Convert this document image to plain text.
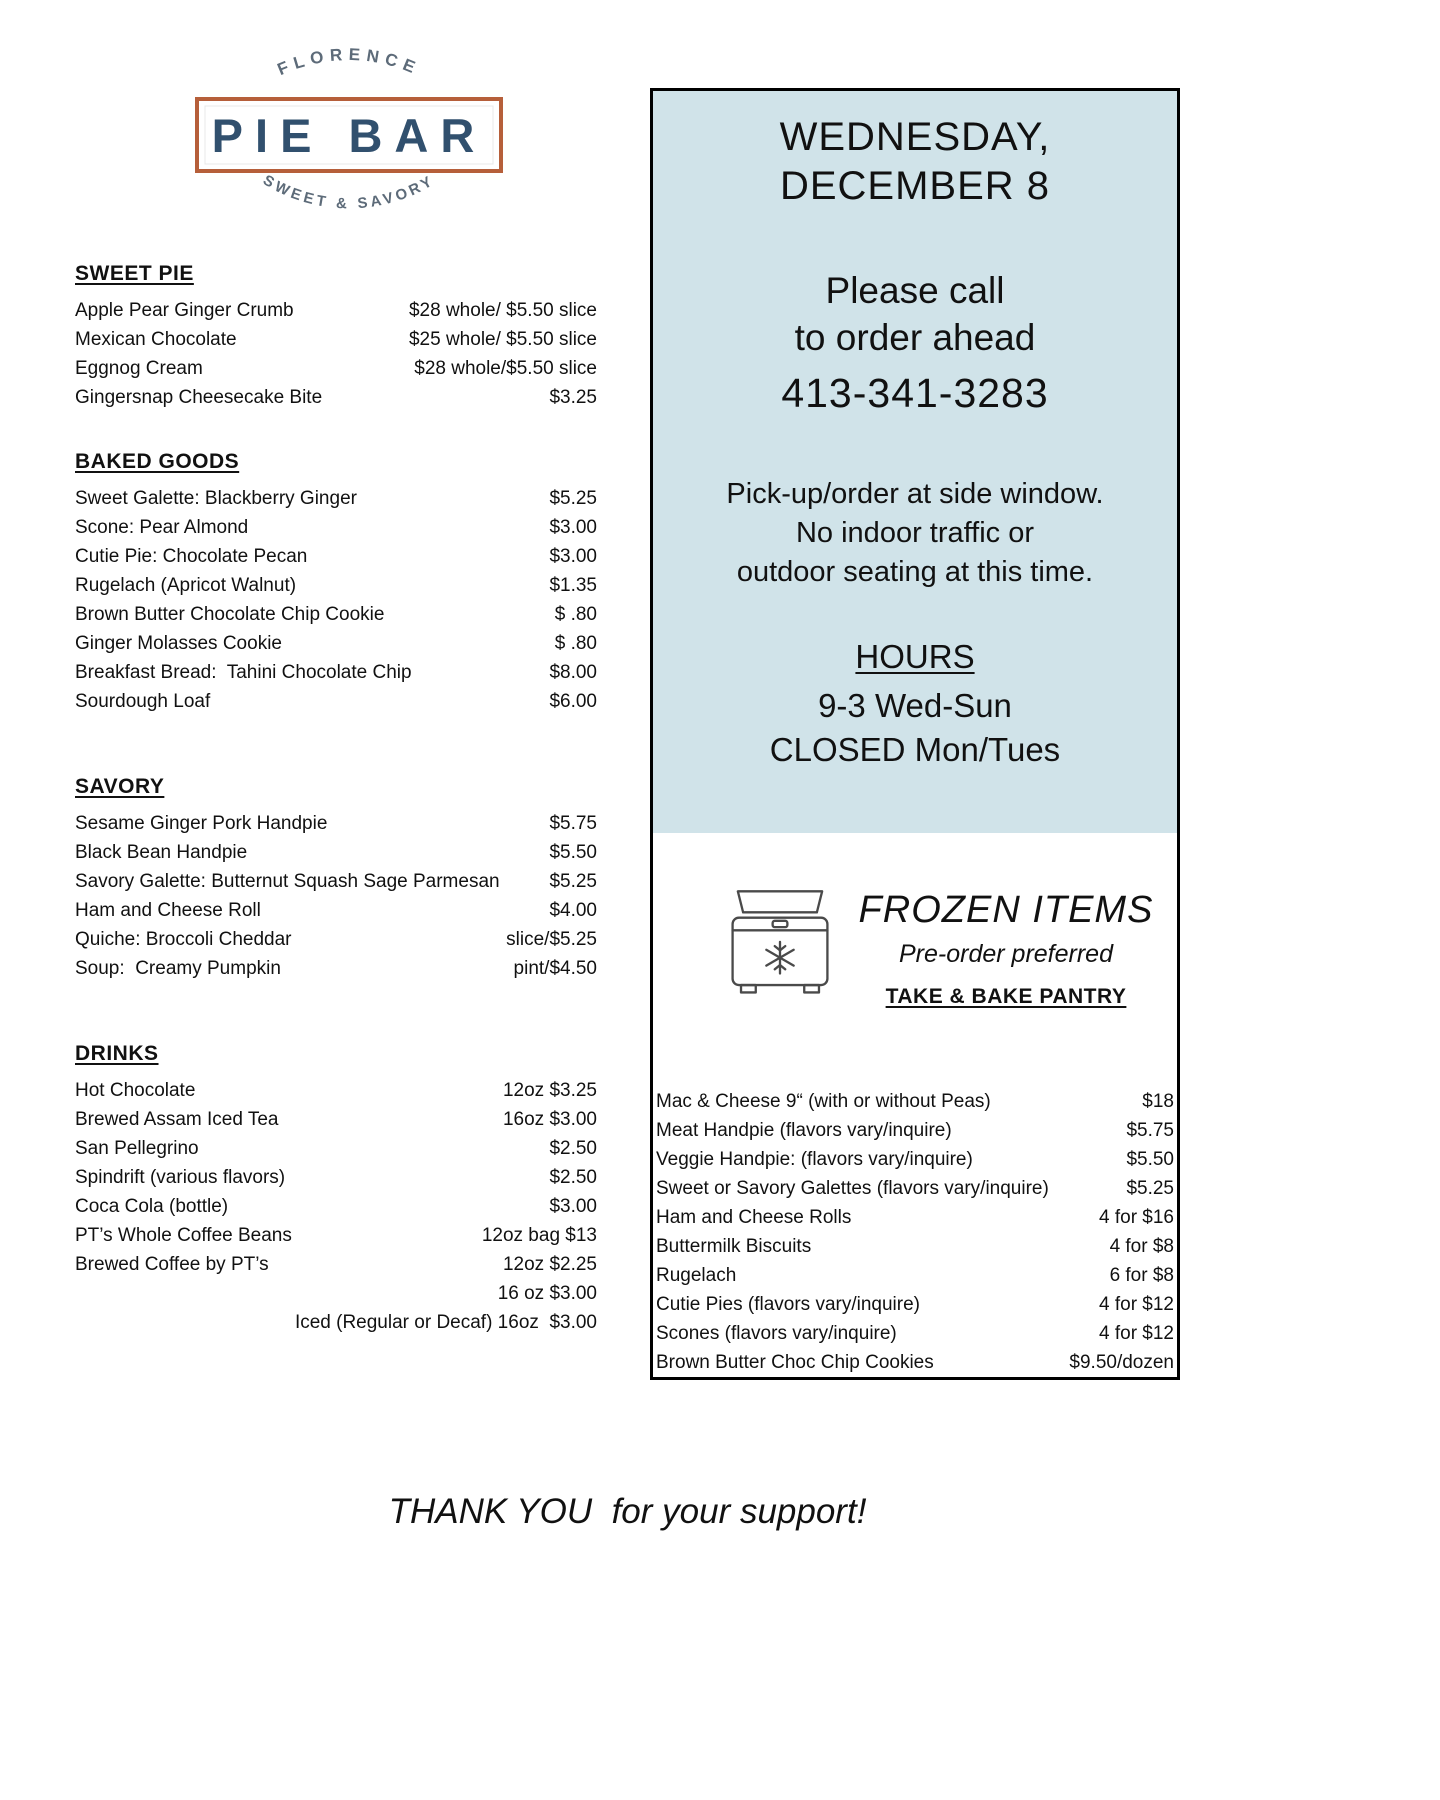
FLORENCE
PIE BAR
SWEET & SAVORY
SWEET PIE
Apple Pear Ginger Crumb	$28 whole/ $5.50 slice
Mexican Chocolate	$25 whole/ $5.50 slice
Eggnog Cream	$28 whole/$5.50 slice
Gingersnap Cheesecake Bite	$3.25
BAKED GOODS
Sweet Galette: Blackberry Ginger	$5.25
Scone: Pear Almond	$3.00
Cutie Pie: Chocolate Pecan	$3.00
Rugelach (Apricot Walnut)	$1.35
Brown Butter Chocolate Chip Cookie	$ .80
Ginger Molasses Cookie	$ .80
Breakfast Bread:  Tahini Chocolate Chip	$8.00
Sourdough Loaf	$6.00
SAVORY
Sesame Ginger Pork Handpie	$5.75
Black Bean Handpie	$5.50
Savory Galette: Butternut Squash Sage Parmesan	$5.25
Ham and Cheese Roll	$4.00
Quiche: Broccoli Cheddar	slice/$5.25
Soup:  Creamy Pumpkin	pint/$4.50
DRINKS
Hot Chocolate	12oz $3.25
Brewed Assam Iced Tea	16oz $3.00
San Pellegrino	$2.50
Spindrift (various flavors)	$2.50
Coca Cola (bottle)	$3.00
PT’s Whole Coffee Beans	12oz bag $13
Brewed Coffee by PT’s	12oz $2.25
16 oz $3.00
Iced (Regular or Decaf) 16oz  $3.00
WEDNESDAY,
DECEMBER 8
Please call
to order ahead
413-341-3283
Pick-up/order at side window.
No indoor traffic or
outdoor seating at this time.
HOURS
9-3 Wed-Sun
CLOSED Mon/Tues
FROZEN ITEMS
Pre-order preferred
TAKE & BAKE PANTRY
Mac & Cheese 9“ (with or without Peas)	$18
Meat Handpie (flavors vary/inquire)	$5.75
Veggie Handpie: (flavors vary/inquire)	$5.50
Sweet or Savory Galettes (flavors vary/inquire)	$5.25
Ham and Cheese Rolls	4 for $16
Buttermilk Biscuits	4 for $8
Rugelach	6 for $8
Cutie Pies (flavors vary/inquire)	4 for $12
Scones (flavors vary/inquire)	4 for $12
Brown Butter Choc Chip Cookies	$9.50/dozen
THANK YOU  for your support!
